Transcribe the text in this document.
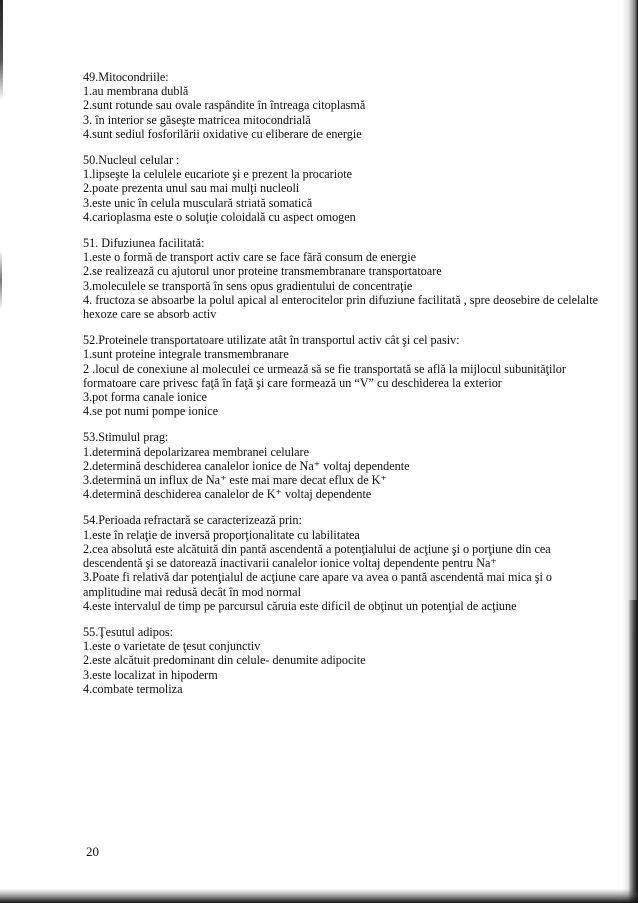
49.Mitocondriile:

1.au membrana dublă

2.sunt rotunde sau ovale raspândite în întreaga citoplasmă

3. în interior se găseşte matricea mitocondrială

4.sunt sediul fosforilării oxidative cu eliberare de energie

50.Nucleul celular :

1.lipseşte la celulele eucariote şi e prezent la procariote

2.poate prezenta unul sau mai mulţi nucleoli

3.este unic în celula musculară striată somatică

4.carioplasma este o soluţie coloidală cu aspect omogen

51. Difuziunea facilitată:

1.este o formă de transport activ care se face fără consum de energie

2.se realizează cu ajutorul unor proteine transmembranare transportatoare

3.moleculele se transportă în sens opus gradientului de concentraţie

4. fructoza se absoarbe la polul apical al enterocitelor prin difuziune facilitată , spre deosebire de celelalte hexoze care se absorb activ

52.Proteinele transportatoare utilizate atât în transportul activ cât şi cel pasiv:

1.sunt proteine integrale transmembranare

2 .locul de conexiune al moleculei ce urmează să se fie transportată se află la mijlocul subunităţilor formatoare care privesc faţă în faţă şi care formează un “V” cu deschiderea la exterior

3.pot forma canale ionice

4.se pot numi pompe ionice

53.Stimulul prag:

1.determină depolarizarea membranei celulare

2.determină deschiderea canalelor ionice de Na⁺ voltaj dependente

3.determină un influx de Na⁺ este mai mare decat eflux de K⁺

4.determină deschiderea canalelor de K⁺ voltaj dependente

54.Perioada refractară se caracterizează prin:

1.este în relaţie de inversă proporţionalitate cu labilitatea

2.cea absolută este alcătuită din pantă ascendentă a potenţialului de acţiune şi o porţiune din cea descendentă şi se datorează inactivarii canalelor ionice voltaj dependente pentru Na⁺

3.Poate fi relativă dar potenţialul de acţiune care apare va avea o pantă ascendentă mai mica şi o amplitudine mai redusă decât în mod normal

4.este intervalul de timp pe parcursul căruia este dificil de obţinut un potenţial de acţiune

55.Ţesutul adipos:

1.este o varietate de ţesut conjunctiv

2.este alcătuit predominant din celule- denumite adipocite

3.este localizat in hipoderm

4.combate termoliza

20
